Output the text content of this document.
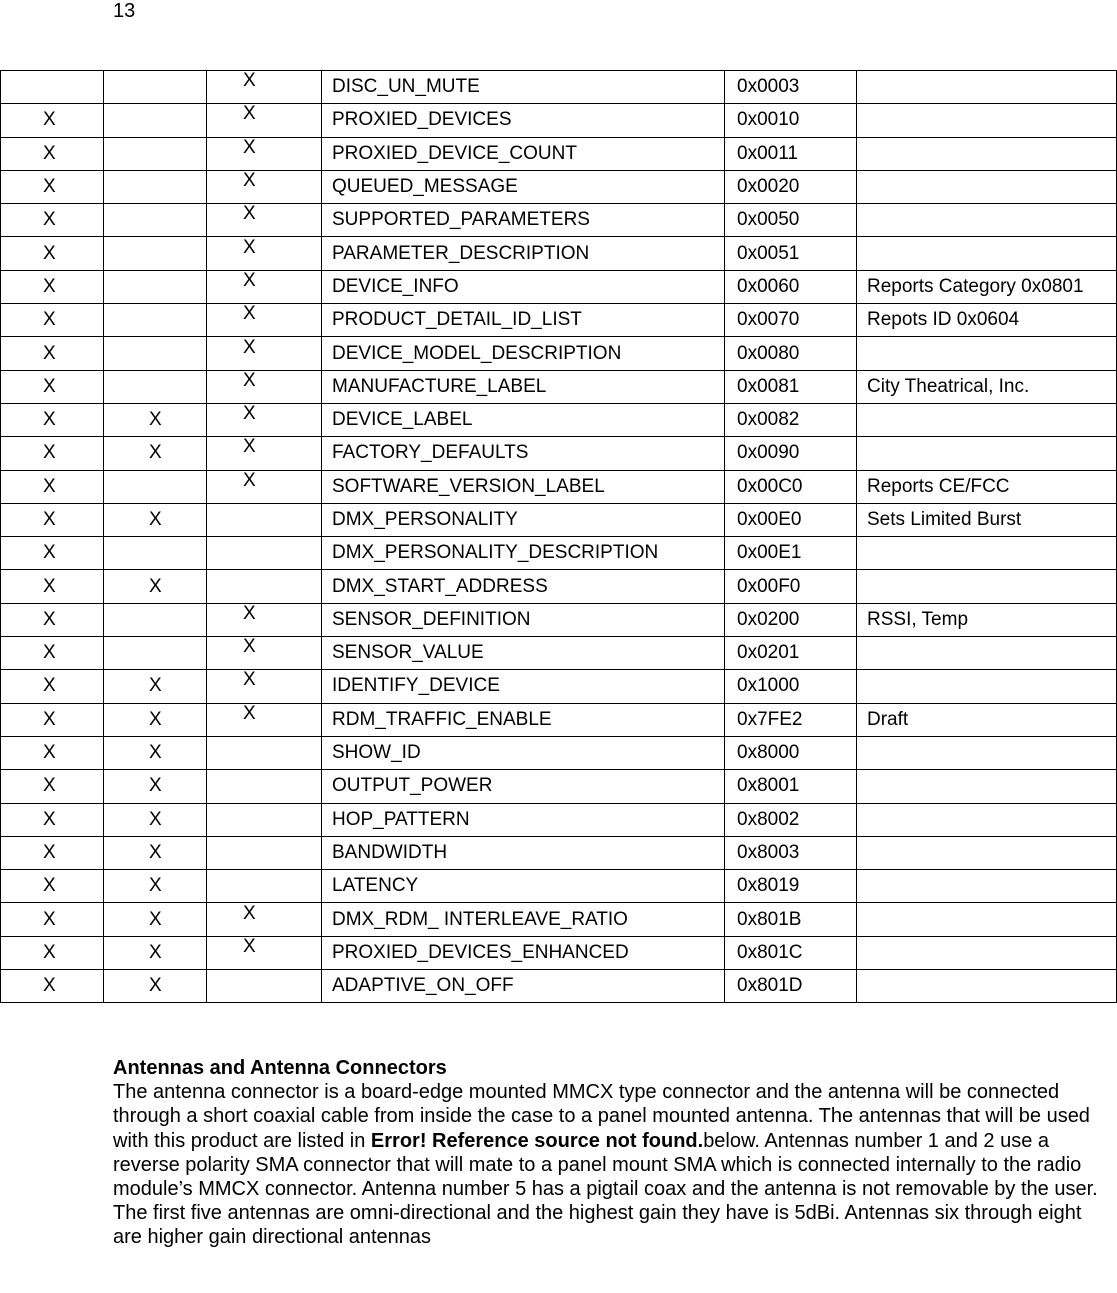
13
		X	DISC_UN_MUTE	0x0003	
X		X	PROXIED_DEVICES	0x0010	
X		X	PROXIED_DEVICE_COUNT	0x0011	
X		X	QUEUED_MESSAGE	0x0020	
X		X	SUPPORTED_PARAMETERS	0x0050	
X		X	PARAMETER_DESCRIPTION	0x0051	
X		X	DEVICE_INFO	0x0060	Reports Category 0x0801
X		X	PRODUCT_DETAIL_ID_LIST	0x0070	Repots ID 0x0604
X		X	DEVICE_MODEL_DESCRIPTION	0x0080	
X		X	MANUFACTURE_LABEL	0x0081	City Theatrical, Inc.
X	X	X	DEVICE_LABEL	0x0082	
X	X	X	FACTORY_DEFAULTS	0x0090	
X		X	SOFTWARE_VERSION_LABEL	0x00C0	Reports CE/FCC
X	X		DMX_PERSONALITY	0x00E0	Sets Limited Burst
X			DMX_PERSONALITY_DESCRIPTION	0x00E1	
X	X		DMX_START_ADDRESS	0x00F0	
X		X	SENSOR_DEFINITION	0x0200	RSSI, Temp
X		X	SENSOR_VALUE	0x0201	
X	X	X	IDENTIFY_DEVICE	0x1000	
X	X	X	RDM_TRAFFIC_ENABLE	0x7FE2	Draft
X	X		SHOW_ID	0x8000	
X	X		OUTPUT_POWER	0x8001	
X	X		HOP_PATTERN	0x8002	
X	X		BANDWIDTH	0x8003	
X	X		LATENCY	0x8019	
X	X	X	DMX_RDM_ INTERLEAVE_RATIO	0x801B	
X	X	X	PROXIED_DEVICES_ENHANCED	0x801C	
X	X		ADAPTIVE_ON_OFF	0x801D	
Antennas and Antenna Connectors

The antenna connector is a board-edge mounted MMCX type connector and the antenna will be connected through a short coaxial cable from inside the case to a panel mounted antenna. The antennas that will be used with this product are listed in Error! Reference source not found.below. Antennas number 1 and 2 use a reverse polarity SMA connector that will mate to a panel mount SMA which is connected internally to the radio module’s MMCX connector. Antenna number 5 has a pigtail coax and the antenna is not removable by the user.

The first five antennas are omni-directional and the highest gain they have is 5dBi. Antennas six through eight are higher gain directional antennas
